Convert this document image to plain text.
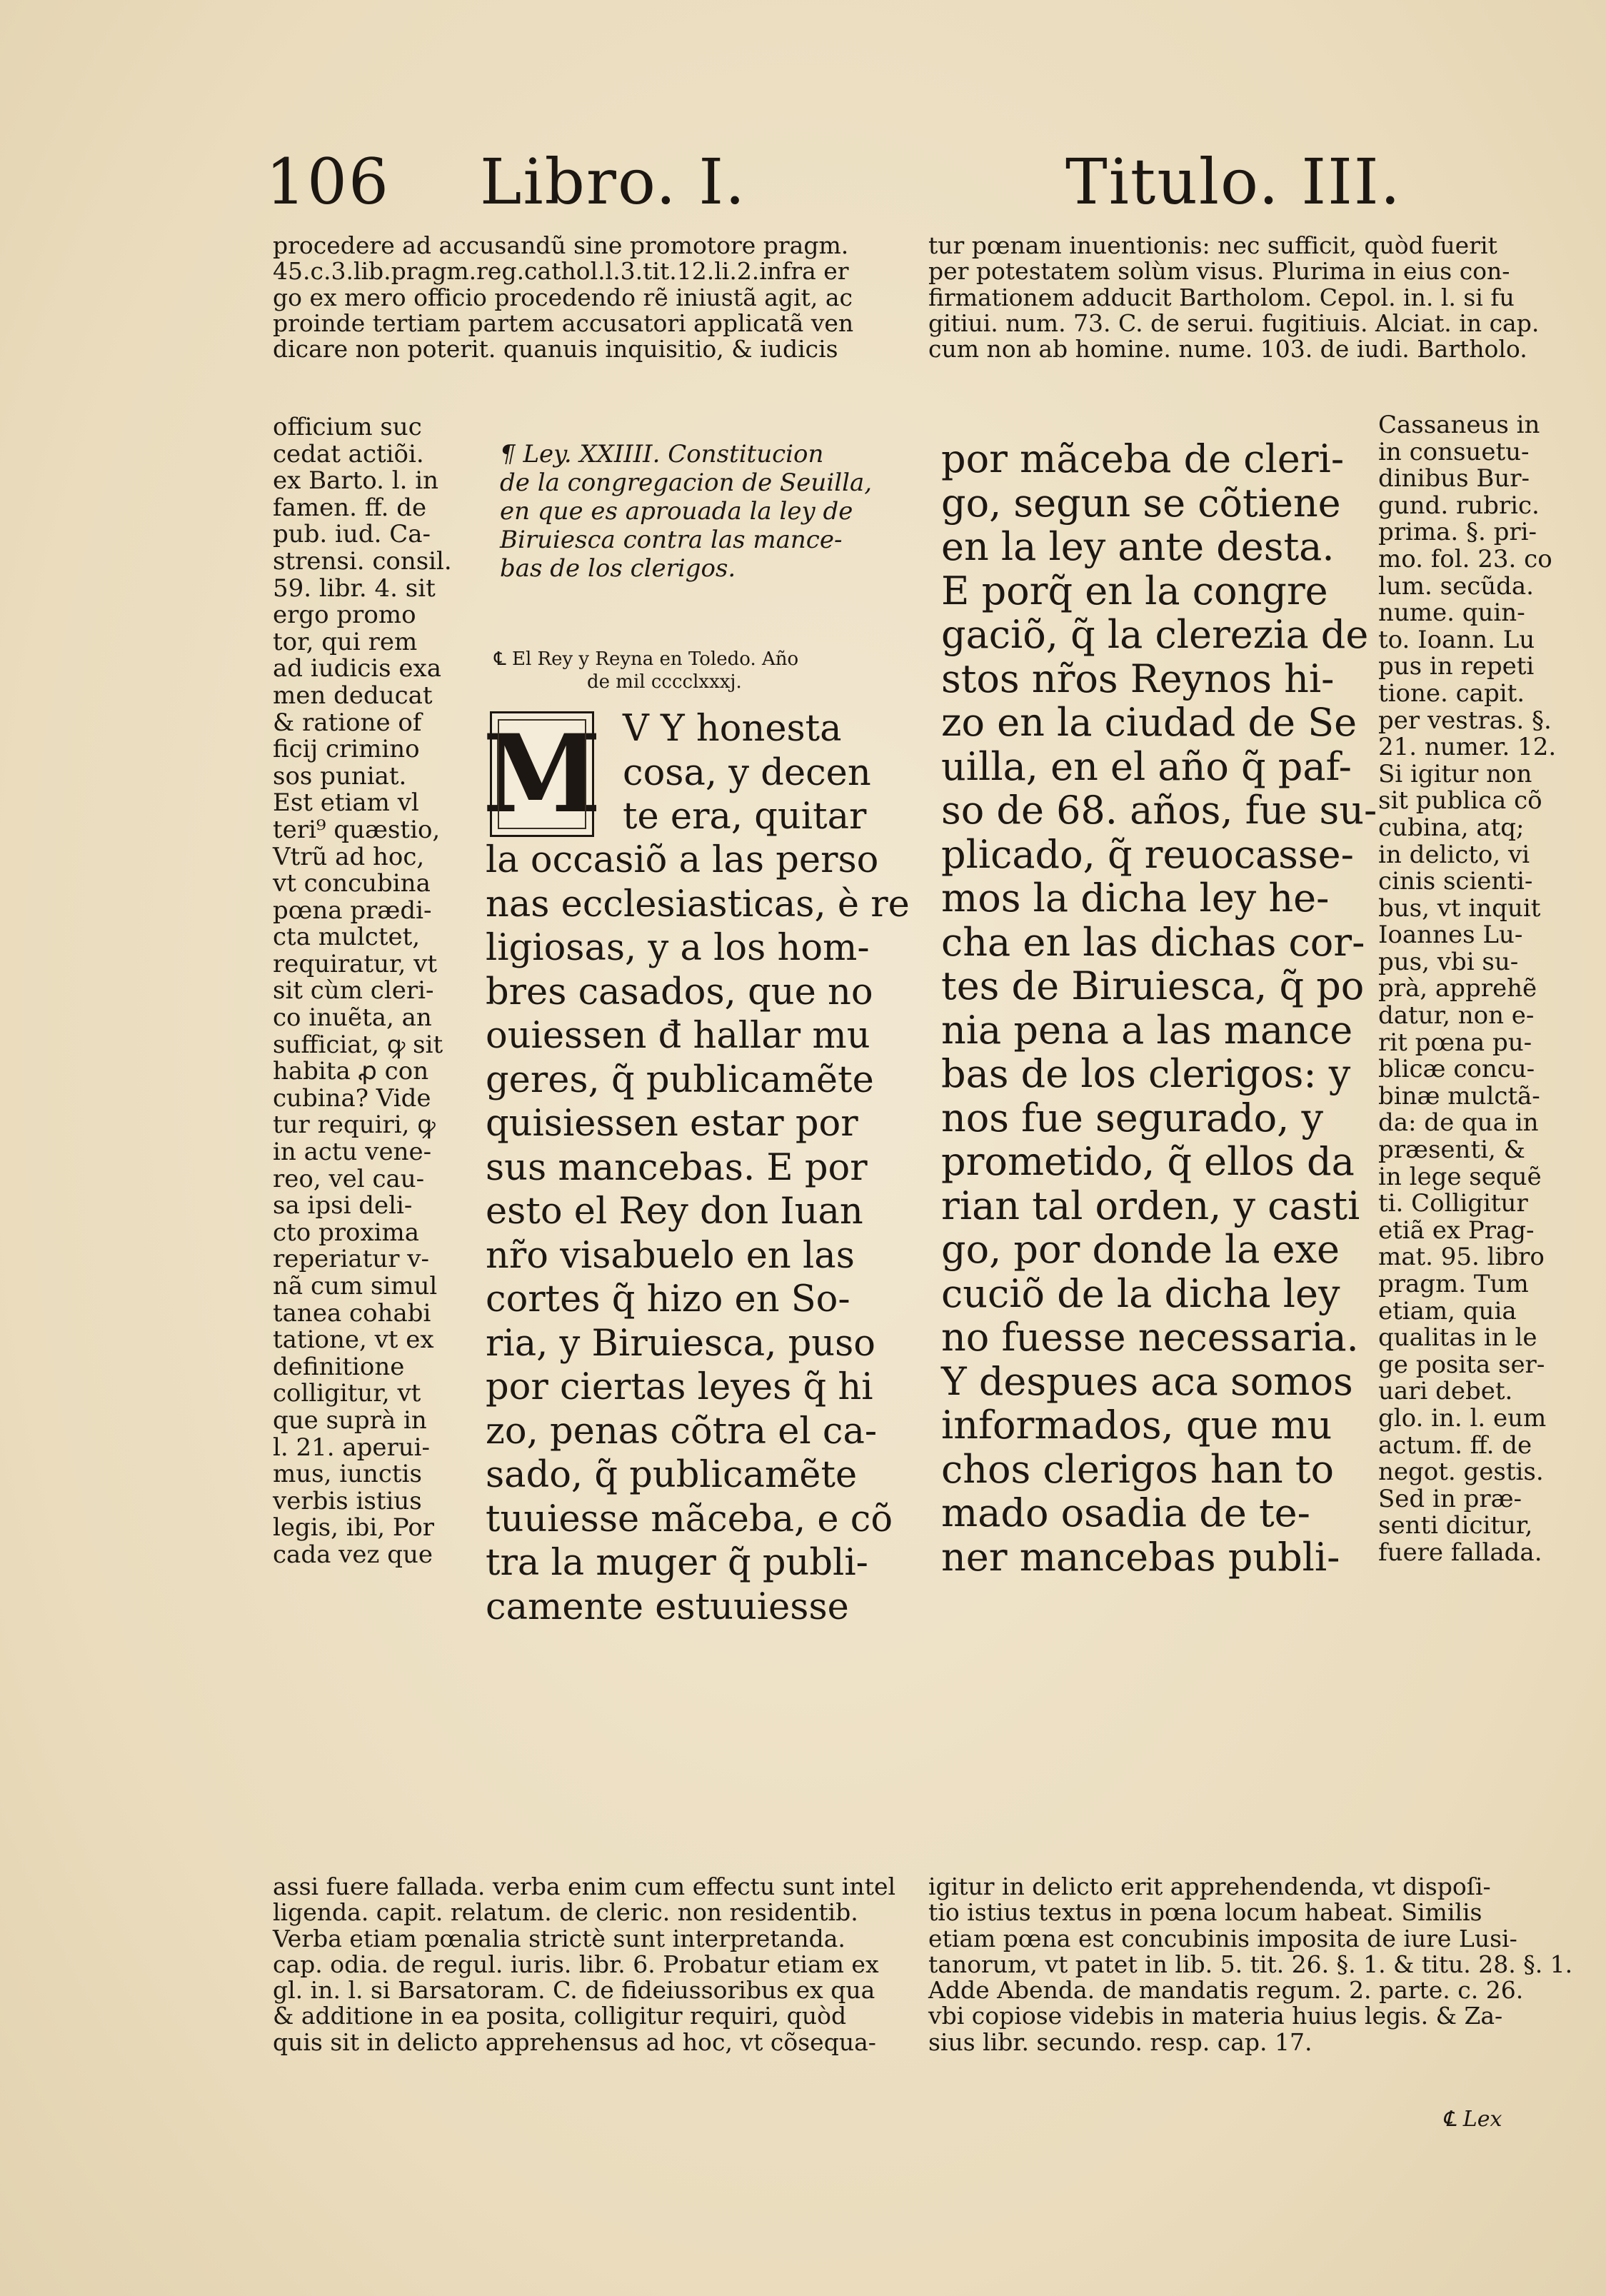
106 Libro. I.	Titulo. III.
procedere ad accusandũ sine promotore pragm.
45.c.3.lib.pragm.reg.cathol.l.3.tit.12.li.2.infra er
go ex mero officio procedendo rẽ iniustã agit, ac
proinde tertiam partem accusatori applicatã ven
dicare non poterit. quanuis inquisitio, & iudicis
tur pœnam inuentionis: nec sufficit, quòd fuerit
per potestatem solùm visus. Plurima in eius con-
firmationem adducit Bartholom. Cepol. in. l. si fu
gitiui. num. 73. C. de serui. fugitiuis. Alciat. in cap.
cum non ab homine. nume. 103. de iudi. Bartholo.
officium suc
cedat actiõi.
ex Barto. l. in
famen. ff. de
pub. iud. Ca-
strensi. consil.
59. libr. 4. sit
ergo promo
tor, qui rem
ad iudicis exa
men deducat
& ratione of
ficij crimino
sos puniat.
Est etiam vl
teri⁹ quæstio,
Vtrũ ad hoc,
vt concubina
pœna prædi-
cta mulctet,
requiratur, vt
sit cùm cleri-
co inuẽta, an
sufficiat, ꝙ sit
habita ꝓ con
cubina? Vide
tur requiri, ꝙ
in actu vene-
reo, vel cau-
sa ipsi deli-
cto proxima
reperiatur v-
nã cum simul
tanea cohabi
tatione, vt ex
definitione
colligitur, vt
que suprà in
l. 21. aperui-
mus, iunctis
verbis istius
legis, ibi, Por
cada vez que
Cassaneus in
in consuetu-
dinibus Bur-
gund. rubric.
prima. §. pri-
mo. fol. 23. co
lum. secũda.
nume. quin-
to. Ioann. Lu
pus in repeti
tione. capit.
per vestras. §.
21. numer. 12.
Si igitur non
sit publica cõ
cubina, atq;
in delicto, vi
cinis scienti-
bus, vt inquit
Ioannes Lu-
pus, vbi su-
prà, apprehẽ
datur, non e-
rit pœna pu-
blicæ concu-
binæ mulctã-
da: de qua in
præsenti, &
in lege sequẽ
ti. Colligitur
etiã ex Prag-
mat. 95. libro
pragm. Tum
etiam, quia
qualitas in le
ge posita ser-
uari debet.
glo. in. l. eum
actum. ff. de
negot. gestis.
Sed in præ-
senti dicitur,
fuere fallada.
¶ Ley. XXIIII. Constitucion
de la congregacion de Seuilla,
en que es aprouada la ley de
Biruiesca contra las mance-
bas de los clerigos.
℄ El Rey y Reyna en Toledo. Año
de mil cccclxxxj.
M V Y honesta
cosa, y decen
te era, quitar
la occasiõ a las perso
nas ecclesiasticas, è re
ligiosas, y a los hom-
bres casados, que no
ouiessen đ hallar mu
geres, q̃ publicamẽte
quisiessen estar por
sus mancebas. E por
esto el Rey don Iuan
nr̃o visabuelo en las
cortes q̃ hizo en So-
ria, y Biruiesca, puso
por ciertas leyes q̃ hi
zo, penas cõtra el ca-
sado, q̃ publicamẽte
tuuiesse mãceba, e cõ
tra la muger q̃ publi-
camente estuuiesse
por mãceba de cleri-
go, segun se cõtiene
en la ley ante desta.
E porq̃ en la congre
gaciõ, q̃ la clerezia de
stos nr̃os Reynos hi-
zo en la ciudad de Se
uilla, en el año q̃ paf-
so de 68. años, fue su-
plicado, q̃ reuocasse-
mos la dicha ley he-
cha en las dichas cor-
tes de Biruiesca, q̃ po
nia pena a las mance
bas de los clerigos: y
nos fue segurado, y
prometido, q̃ ellos da
rian tal orden, y casti
go, por donde la exe
cuciõ de la dicha ley
no fuesse necessaria.
Y despues aca somos
informados, que mu
chos clerigos han to
mado osadia de te-
ner mancebas publi-
assi fuere fallada. verba enim cum effectu sunt intel
ligenda. capit. relatum. de cleric. non residentib.
Verba etiam pœnalia strictè sunt interpretanda.
cap. odia. de regul. iuris. libr. 6. Probatur etiam ex
gl. in. l. si Barsatoram. C. de fideiussoribus ex qua
& additione in ea posita, colligitur requiri, quòd
quis sit in delicto apprehensus ad hoc, vt cõsequa-
igitur in delicto erit apprehendenda, vt dispoſi-
tio istius textus in pœna locum habeat. Similis
etiam pœna est concubinis imposita de iure Lusi-
tanorum, vt patet in lib. 5. tit. 26. §. 1. & titu. 28. §. 1.
Adde Abenda. de mandatis regum. 2. parte. c. 26.
vbi copiose videbis in materia huius legis. & Za-
sius libr. secundo. resp. cap. 17.
℄ Lex
